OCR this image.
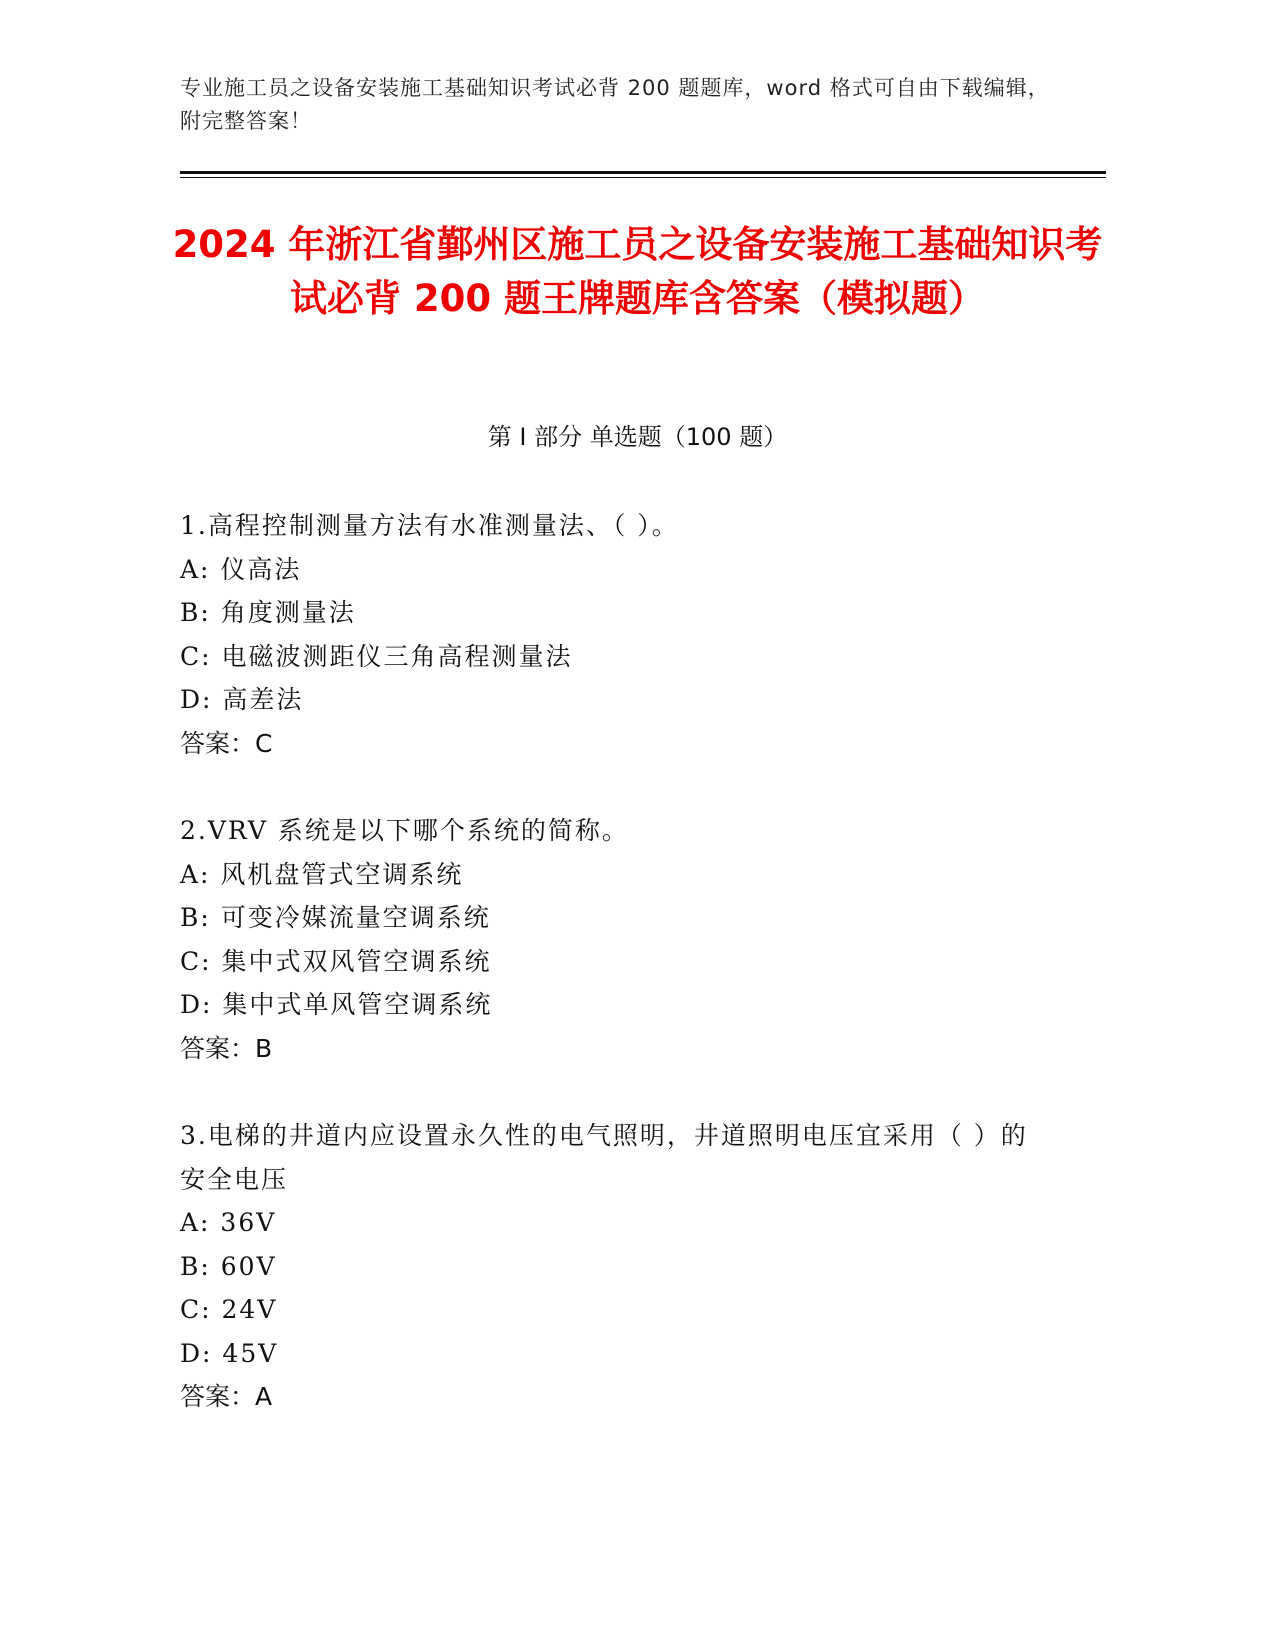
专业施工员之设备安装施工基础知识考试必背 200 题题库，word 格式可自由下载编辑，附完整答案！
2024 年浙江省鄞州区施工员之设备安装施工基础知识考试必背 200 题王牌题库含答案（模拟题）
第 I 部分 单选题（100 题）

1.高程控制测量方法有水准测量法、（ ）。

A: 仪高法

B: 角度测量法

C: 电磁波测距仪三角高程测量法

D: 高差法

答案：C

2.VRV 系统是以下哪个系统的简称。

A: 风机盘管式空调系统

B: 可变冷媒流量空调系统

C: 集中式双风管空调系统

D: 集中式单风管空调系统

答案：B

3.电梯的井道内应设置永久性的电气照明，井道照明电压宜采用（ ）的安全电压

A: 36V

B: 60V

C: 24V

D: 45V

答案：A
